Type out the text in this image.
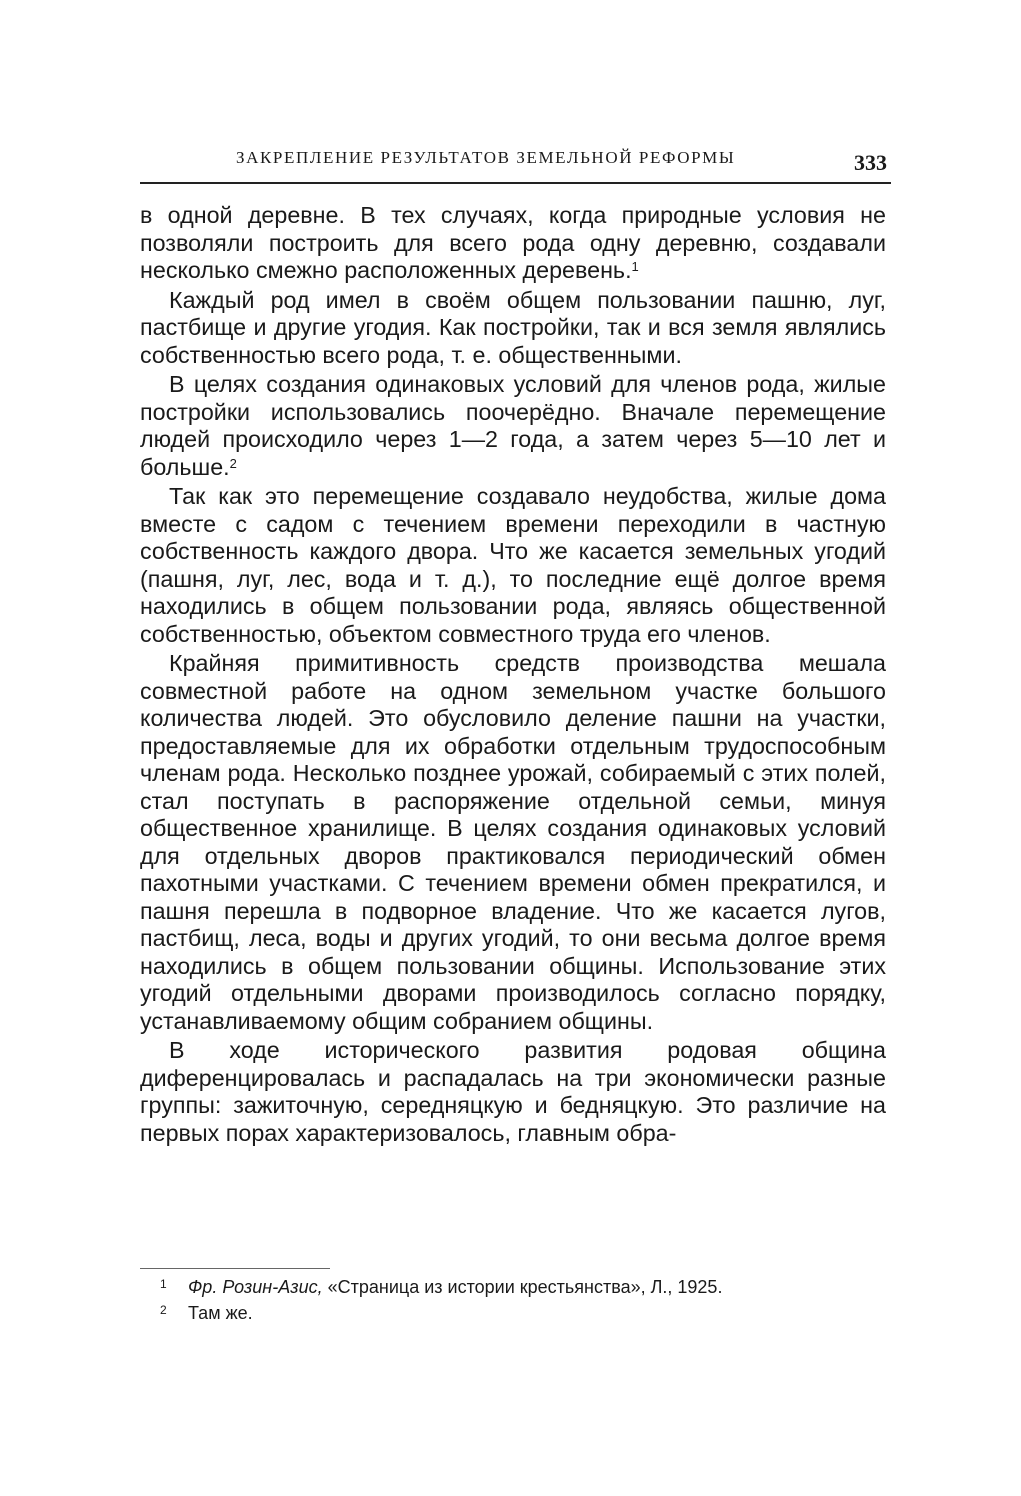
ЗАКРЕПЛЕНИЕ РЕЗУЛЬТАТОВ ЗЕМЕЛЬНОЙ РЕФОРМЫ	333

в одной деревне. В тех случаях, когда природные условия не позволяли построить для всего рода одну деревню, создавали несколько смежно расположенных деревень.$^1$

Каждый род имел в своём общем пользовании пашню, луг, пастбище и другие угодия. Как постройки, так и вся земля являлись собственностью всего рода, т. е. общественными.

В целях создания одинаковых условий для членов рода, жилые постройки использовались поочерёдно. Вначале перемещение людей происходило через 1—2 года, а затем через 5—10 лет и больше.$^2$

Так как это перемещение создавало неудобства, жилые дома вместе с садом с течением времени переходили в частную собственность каждого двора. Что же касается земельных угодий (пашня, луг, лес, вода и т. д.), то последние ещё долгое время находились в общем пользовании рода, являясь общественной собственностью, объектом совместного труда его членов.

Крайняя примитивность средств производства мешала совместной работе на одном земельном участке большого количества людей. Это обусловило деление пашни на участки, предоставляемые для их обработки отдельным трудоспособным членам рода. Несколько позднее урожай, собираемый с этих полей, стал поступать в распоряжение отдельной семьи, минуя общественное хранилище. В целях создания одинаковых условий для отдельных дворов практиковался периодический обмен пахотными участками. С течением времени обмен прекратился, и пашня перешла в подворное владение. Что же касается лугов, пастбищ, леса, воды и других угодий, то они весьма долгое время находились в общем пользовании общины. Использование этих угодий отдельными дворами производилось согласно порядку, устанавливаемому общим собранием общины.

В ходе исторического развития родовая община диференцировалась и распадалась на три экономически разные группы: зажиточную, середняцкую и бедняцкую. Это различие на первых порах характеризовалось, главным обра-

1	Фр. Розин-Азис, «Страница из истории крестьянства», Л., 1925.
2	Там же.
